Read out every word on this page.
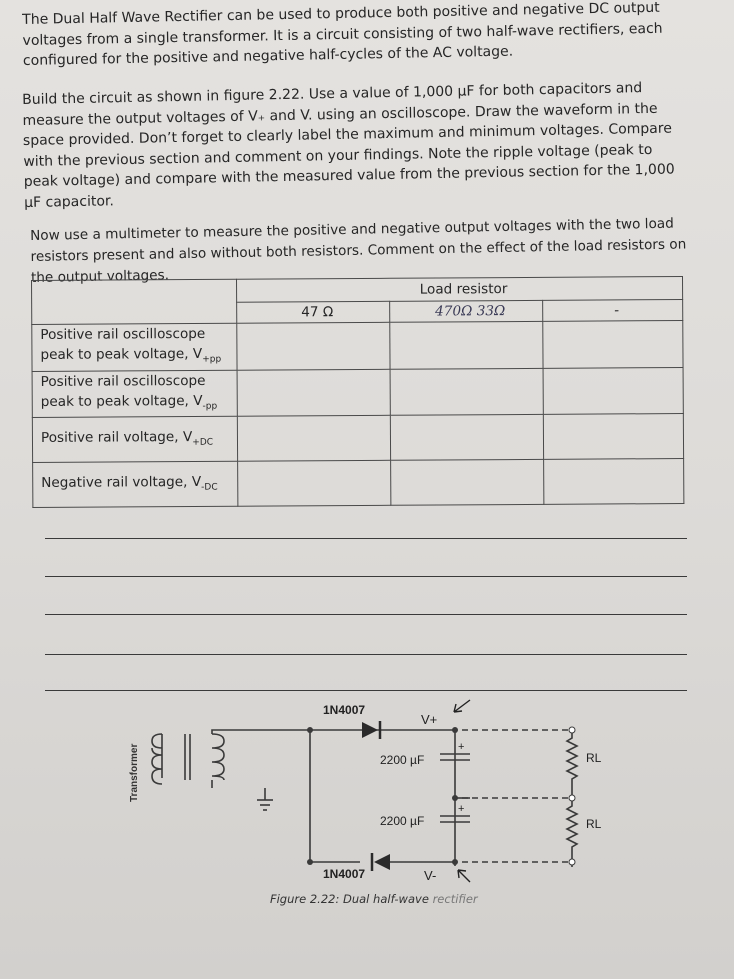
The Dual Half Wave Rectifier can be used to produce both positive and negative DC output voltages from a single transformer. It is a circuit consisting of two half-wave rectifiers, each configured for the positive and negative half-cycles of the AC voltage.

Build the circuit as shown in figure 2.22. Use a value of 1,000 µF for both capacitors and measure the output voltages of V₊ and V. using an oscilloscope. Draw the waveform in the space provided. Don’t forget to clearly label the maximum and minimum voltages. Compare with the previous section and comment on your findings. Note the ripple voltage (peak to peak voltage) and compare with the measured value from the previous section for the 1,000 µF capacitor.

Now use a multimeter to measure the positive and negative output voltages with the two load resistors present and also without both resistors. Comment on the effect of the load resistors on the output voltages.

	Load resistor		
	47 Ω	470Ω 33Ω	-
Positive rail oscilloscope peak to peak voltage, $V_{+pp}$			
Positive rail oscilloscope peak to peak voltage, $V_{-pp}$			
Positive rail voltage, $V_{+DC}$			
Negative rail voltage, $V_{-DC}$			
1N4007
1N4007
V+
V-
2200 µF
2200 µF
+
+
RL
RL
Transformer
Figure 2.22: Dual half-wave rectifier
